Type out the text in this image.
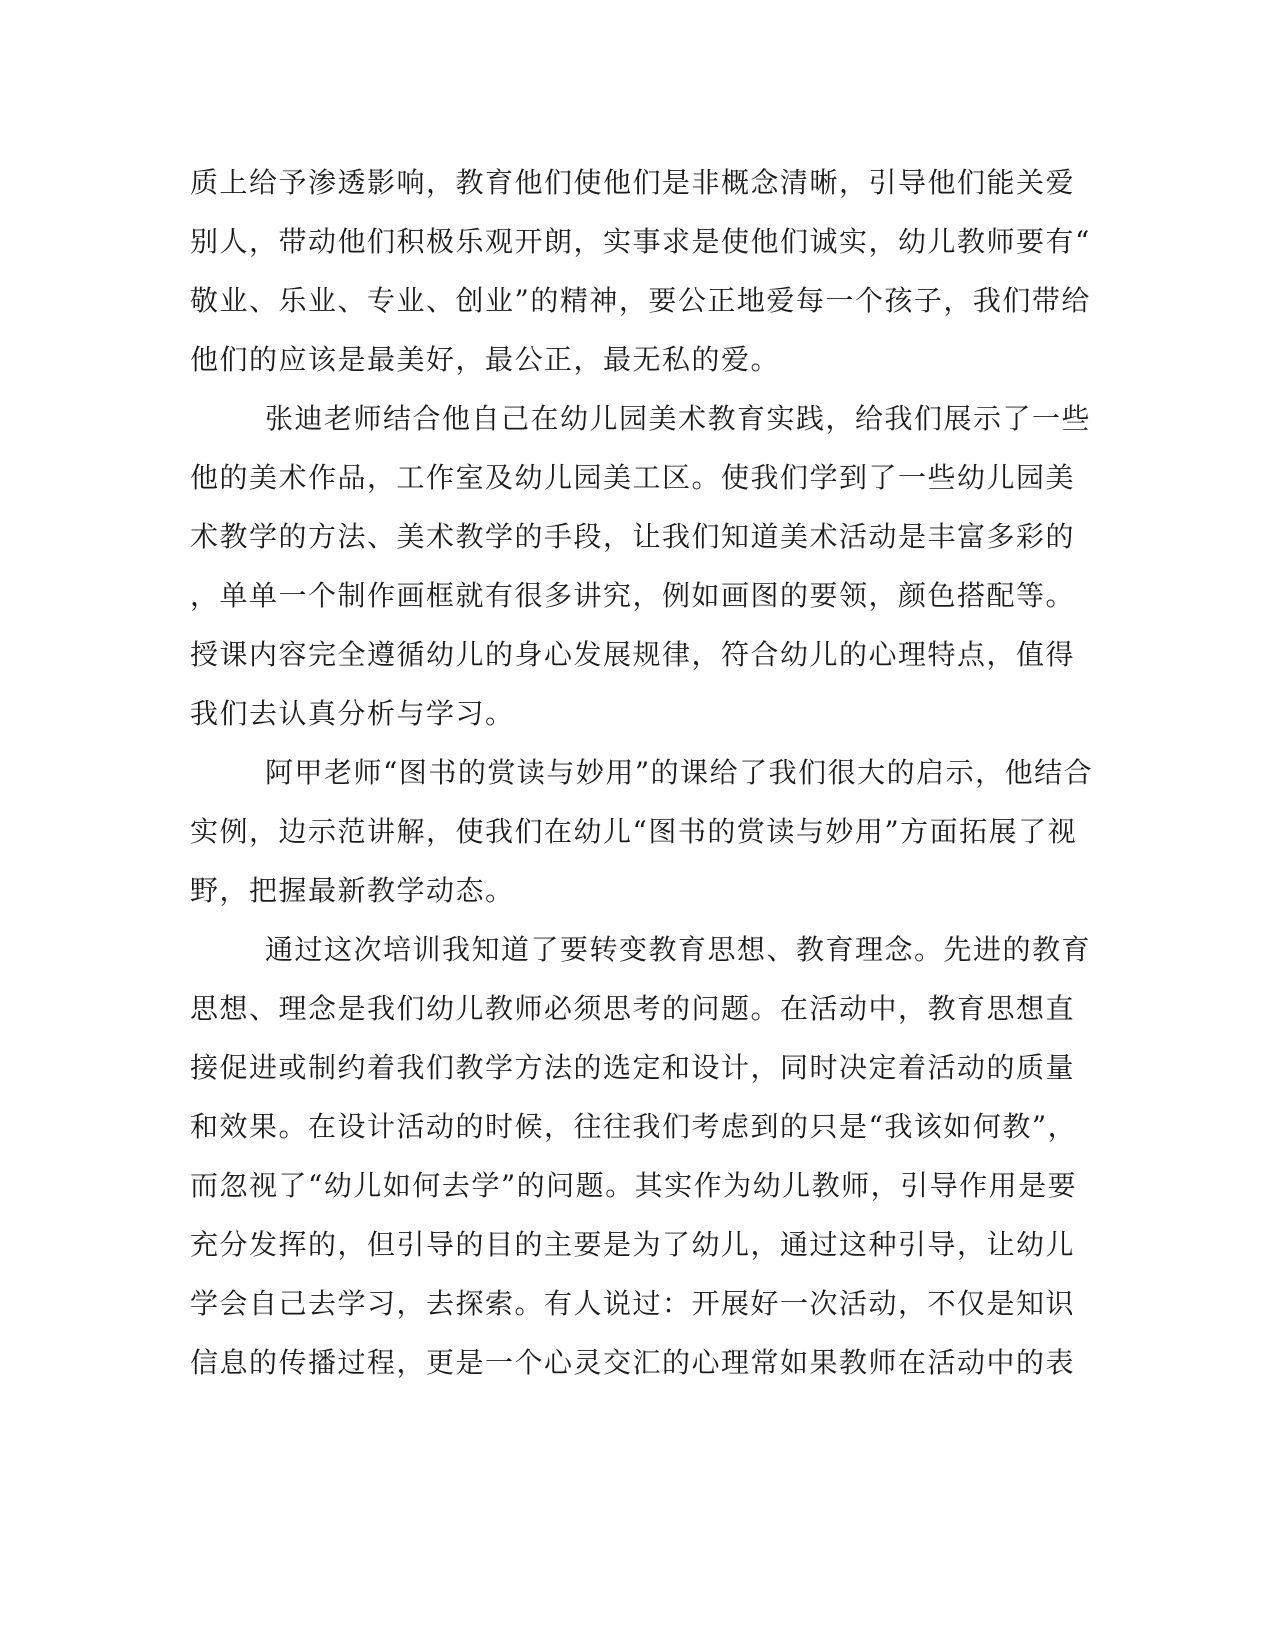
质上给予渗透影响，教育他们使他们是非概念清晰，引导他们能关爱
别人，带动他们积极乐观开朗，实事求是使他们诚实，幼儿教师要有“
敬业、乐业、专业、创业”的精神，要公正地爱每一个孩子，我们带给
他们的应该是最美好，最公正，最无私的爱。
张迪老师结合他自己在幼儿园美术教育实践，给我们展示了一些
他的美术作品，工作室及幼儿园美工区。使我们学到了一些幼儿园美
术教学的方法、美术教学的手段，让我们知道美术活动是丰富多彩的
，单单一个制作画框就有很多讲究，例如画图的要领，颜色搭配等。
授课内容完全遵循幼儿的身心发展规律，符合幼儿的心理特点，值得
我们去认真分析与学习。
阿甲老师“图书的赏读与妙用”的课给了我们很大的启示，他结合
实例，边示范讲解，使我们在幼儿“图书的赏读与妙用”方面拓展了视
野，把握最新教学动态。
通过这次培训我知道了要转变教育思想、教育理念。先进的教育
思想、理念是我们幼儿教师必须思考的问题。在活动中，教育思想直
接促进或制约着我们教学方法的选定和设计，同时决定着活动的质量
和效果。在设计活动的时候，往往我们考虑到的只是“我该如何教”，
而忽视了“幼儿如何去学”的问题。其实作为幼儿教师，引导作用是要
充分发挥的，但引导的目的主要是为了幼儿，通过这种引导，让幼儿
学会自己去学习，去探索。有人说过：开展好一次活动，不仅是知识
信息的传播过程，更是一个心灵交汇的心理常如果教师在活动中的表
